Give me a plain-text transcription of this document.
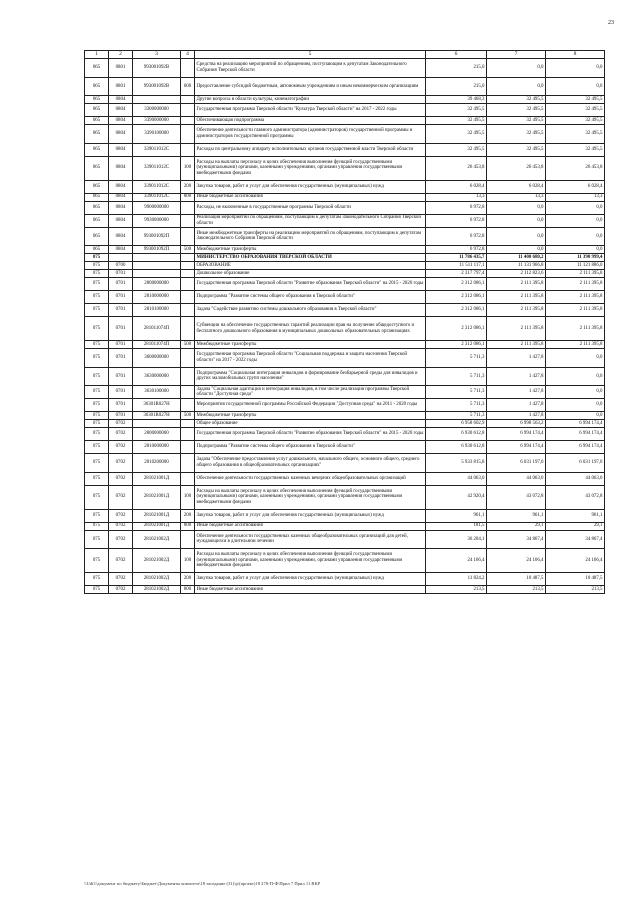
23
1	2	3	4	5	6	7	8
065	0801	993001092В		Средства на реализацию мероприятий по обращениям, поступающим к депутатам Законодательного Собрания Тверской области	215,0	0,0	0,0
065	0801	993001092В	600	Предоставление субсидий бюджетным, автономным учреждениям и иным некоммерческим организациям	215,0	0,0	0,0
065	0804			Другие вопросы в области культуры, кинематографии	39 468,3	32 495,5	32 495,5
065	0804	3300000000		Государственная программа Тверской области "Культура Тверской области" на 2017 - 2022 годы	32 495,5	32 495,5	32 495,5
065	0804	3390000000		Обеспечивающая подпрограмма	32 495,5	32 495,5	32 495,5
065	0804	3390100000		Обеспечение деятельности главного администратора (администраторов) государственной программы и администраторов государственной программы	32 495,5	32 495,5	32 495,5
065	0804	339011012С		Расходы по центральному аппарату исполнительных органов государственной власти Тверской области	32 495,5	32 495,5	32 495,5
065	0804	339011012С	100	Расходы на выплаты персоналу в целях обеспечения выполнения функций государственными (муниципальными) органами, казенными учреждениями, органами управления государственными внебюджетными фондами	26 453,8	26 453,8	26 453,8
065	0804	339011012С	200	Закупка товаров, работ и услуг для обеспечения государственных (муниципальных) нужд	6 028,4	6 028,4	6 028,4
065	0804	339011012С	800	Иные бюджетные ассигнования	13,3	13,3	13,3
065	0804	9900000000		Расходы, не включенные в государственные программы Тверской области	6 972,8	0,0	0,0
065	0804	9930000000		Реализация мероприятий по обращениям, поступающим к депутатам Законодательного Собрания Тверской области	6 972,8	0,0	0,0
065	0804	993001092П		Иные межбюджетные трансферты на реализацию мероприятий по обращениям, поступающим к депутатам Законодательного Собрания Тверской области	6 972,8	0,0	0,0
065	0804	993001092П	500	Межбюджетные трансферты	6 972,8	0,0	0,0
075				МИНИСТЕРСТВО ОБРАЗОВАНИЯ ТВЕРСКОЙ ОБЛАСТИ	11 786 435,7	11 400 680,2	11 390 999,4
075	0700			ОБРАЗОВАНИЕ	11 511 117,1	11 131 966,8	11 121 886,0
075	0701			Дошкольное образование	2 317 797,4	2 112 823,6	2 111 395,8
075	0701	2800000000		Государственная программа Тверской области "Развитие образования Тверской области" на 2015 - 2020 годы	2 312 086,1	2 111 395,8	2 111 395,8
075	0701	2810000000		Подпрограмма "Развитие системы общего образования в Тверской области"	2 312 086,1	2 111 395,8	2 111 395,8
075	0701	2810100000		Задача "Содействие развитию системы дошкольного образования в Тверской области"	2 312 086,1	2 111 395,8	2 111 395,8
075	0701	281011074П		Субвенции на обеспечение государственных гарантий реализации прав на получение общедоступного и бесплатного дошкольного образования в муниципальных дошкольных образовательных организациях	2 312 086,1	2 111 395,8	2 111 395,8
075	0701	281011074П	500	Межбюджетные трансферты	2 312 086,1	2 111 395,8	2 111 395,8
075	0701	3600000000		Государственная программа Тверской области "Социальная поддержка и защита населения Тверской области" на 2017 - 2022 годы	5 711,3	1 427,8	0,0
075	0701	3630000000		Подпрограмма "Социальная интеграция инвалидов и формирование безбарьерной среды для инвалидов и других маломобильных групп населения"	5 711,3	1 427,8	0,0
075	0701	3630100000		Задача "Социальная адаптация и интеграция инвалидов, в том числе реализация программы Тверской области "Доступная среда"	5 711,3	1 427,8	0,0
075	0701	36301R027Н		Мероприятия государственной программы Российской Федерации "Доступная среда" на 2011 - 2020 годы	5 711,3	1 427,8	0,0
075	0701	36301R027Н	500	Межбюджетные трансферты	5 711,3	1 427,8	0,0
075	0702			Общее образование	6 958 602,9	6 998 563,2	6 994 174,4
075	0702	2800000000		Государственная программа Тверской области "Развитие образования Тверской области" на 2015 - 2020 годы	6 930 612,8	6 994 174,4	6 994 174,4
075	0702	2810000000		Подпрограмма "Развитие системы общего образования в Тверской области"	6 930 612,8	6 994 174,4	6 994 174,4
075	0702	2810200000		Задача "Обеспечение предоставления услуг дошкольного, начального общего, основного общего, среднего общего образования в общеобразовательных организациях"	5 933 815,8	6 031 197,0	6 031 197,0
075	0702	281021001Д		Обеспечение деятельности государственных казенных вечерних общеобразовательных организаций	44 063,0	44 063,0	44 063,0
075	0702	281021001Д	100	Расходы на выплаты персоналу в целях обеспечения выполнения функций государственными (муниципальными) органами, казенными учреждениями, органами управления государственными внебюджетными фондами	42 920,4	43 072,8	43 072,8
075	0702	281021001Д	200	Закупка товаров, работ и услуг для обеспечения государственных (муниципальных) нужд	961,1	961,1	961,1
075	0702	281021001Д	800	Иные бюджетные ассигнования	181,5	29,1	29,1
075	0702	281021002Д		Обеспечение деятельности государственных казенных общеобразовательных организаций для детей, нуждающихся в длительном лечении	36 204,1	34 867,4	34 867,4
075	0702	281021002Д	100	Расходы на выплаты персоналу в целях обеспечения выполнения функций государственными (муниципальными) органами, казенными учреждениями, органами управления государственными внебюджетными фондами	24 166,4	24 166,4	24 166,4
075	0702	281021002Д	200	Закупка товаров, работ и услуг для обеспечения государственных (муниципальных) нужд	11 824,2	10 487,5	10 487,5
075	0702	281021002Д	800	Иные бюджетные ассигнования	213,5	213,5	213,5
\\Udf1\документ по бюджету\Бюджет\Документы комитета\18 заседание (31)\р\(проект)18 278-П-Ф\Прил 7 Прил 11.RKP
